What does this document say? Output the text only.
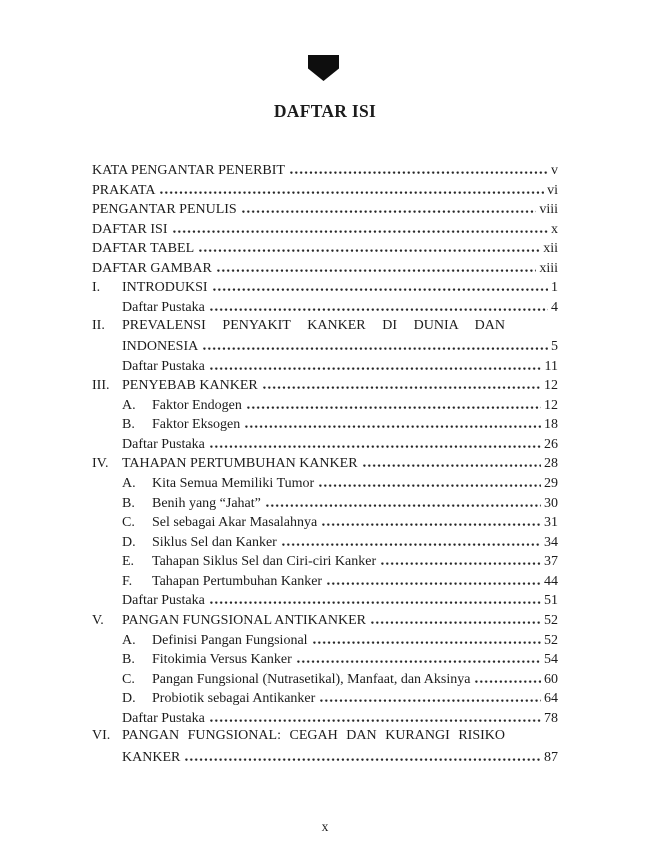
DAFTAR ISI
KATA PENGANTAR PENERBIT	v
PRAKATA	vi
PENGANTAR PENULIS	viii
DAFTAR ISI	x
DAFTAR TABEL	xii
DAFTAR GAMBAR	xiii
I.	INTRODUKSI	1
Daftar Pustaka	4
II.	PREVALENSI PENYAKIT KANKER DI DUNIA DAN
INDONESIA	5
Daftar Pustaka	11
III. PENYEBAB KANKER	12
A.	Faktor Endogen	12
B.	Faktor Eksogen	18
Daftar Pustaka	26
IV. TAHAPAN PERTUMBUHAN KANKER	28
A.	Kita Semua Memiliki Tumor	29
B.	Benih yang “Jahat”	30
C.	Sel sebagai Akar Masalahnya	31
D.	Siklus Sel dan Kanker	34
E.	Tahapan Siklus Sel dan Ciri-ciri Kanker	37
F.	Tahapan Pertumbuhan Kanker	44
Daftar Pustaka	51
V.	PANGAN FUNGSIONAL ANTIKANKER	52
A.	Definisi Pangan Fungsional	52
B.	Fitokimia Versus Kanker	54
C.	Pangan Fungsional (Nutrasetikal), Manfaat, dan Aksinya	60
D.	Probiotik sebagai Antikanker	64
Daftar Pustaka	78
VI. PANGAN FUNGSIONAL: CEGAH DAN KURANGI RISIKO
KANKER	87
x
